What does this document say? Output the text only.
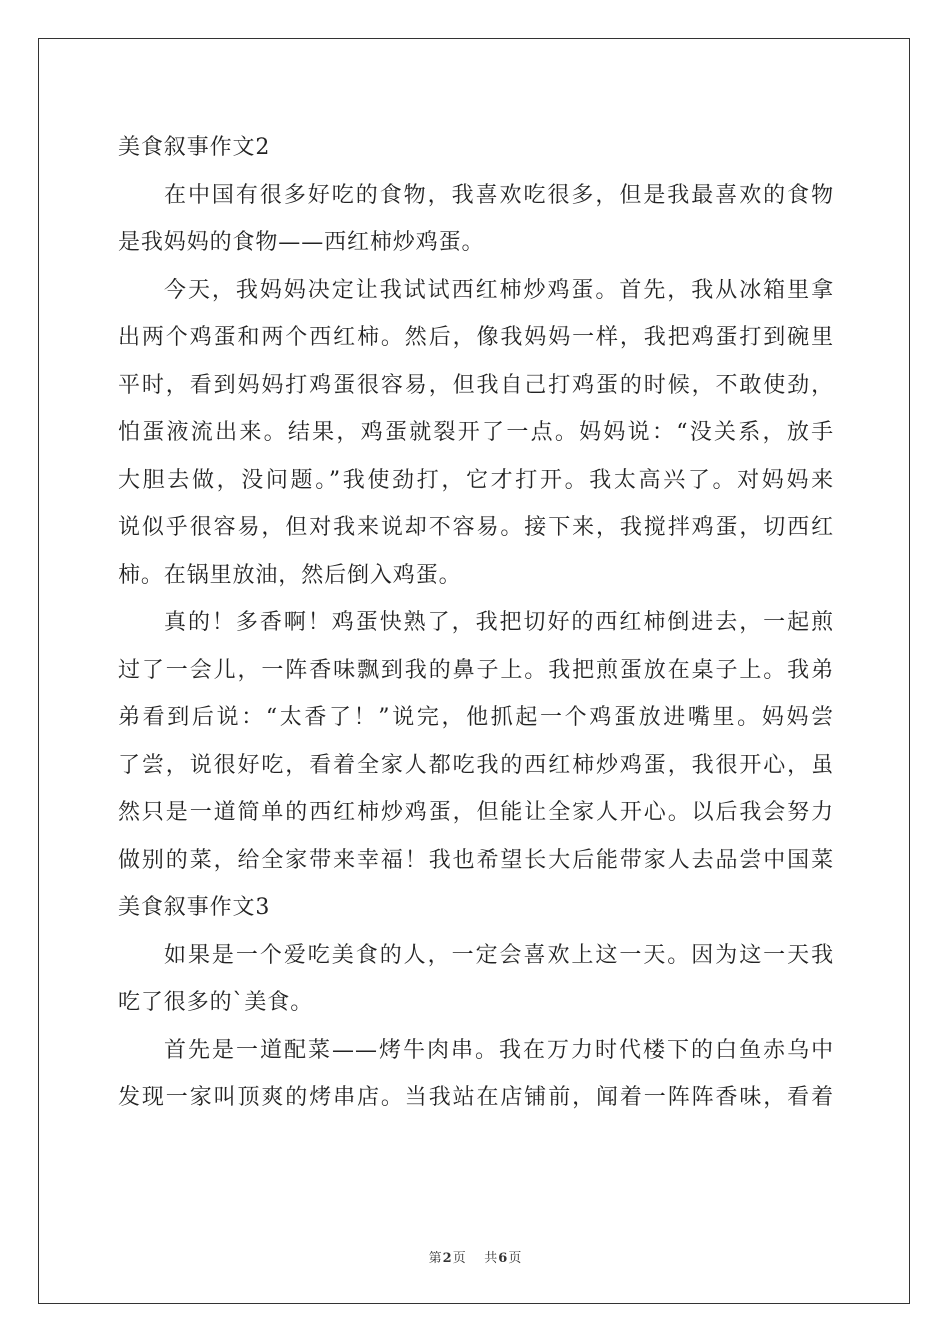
美食叙事作文2
在中国有很多好吃的食物，我喜欢吃很多，但是我最喜欢的食物
是我妈妈的食物——西红柿炒鸡蛋。
今天，我妈妈决定让我试试西红柿炒鸡蛋。首先，我从冰箱里拿
出两个鸡蛋和两个西红柿。然后，像我妈妈一样，我把鸡蛋打到碗里
平时，看到妈妈打鸡蛋很容易，但我自己打鸡蛋的时候，不敢使劲，
怕蛋液流出来。结果，鸡蛋就裂开了一点。妈妈说：“没关系，放手
大胆去做，没问题。”我使劲打，它才打开。我太高兴了。对妈妈来
说似乎很容易，但对我来说却不容易。接下来，我搅拌鸡蛋，切西红
柿。在锅里放油，然后倒入鸡蛋。
真的！多香啊！鸡蛋快熟了，我把切好的西红柿倒进去，一起煎
过了一会儿，一阵香味飘到我的鼻子上。我把煎蛋放在桌子上。我弟
弟看到后说：“太香了！”说完，他抓起一个鸡蛋放进嘴里。妈妈尝
了尝，说很好吃，看着全家人都吃我的西红柿炒鸡蛋，我很开心，虽
然只是一道简单的西红柿炒鸡蛋，但能让全家人开心。以后我会努力
做别的菜，给全家带来幸福！我也希望长大后能带家人去品尝中国菜
美食叙事作文3
如果是一个爱吃美食的人，一定会喜欢上这一天。因为这一天我
吃了很多的`美食。
首先是一道配菜——烤牛肉串。我在万力时代楼下的白鱼赤乌中
发现一家叫顶爽的烤串店。当我站在店铺前，闻着一阵阵香味，看着
第2页 共6页
